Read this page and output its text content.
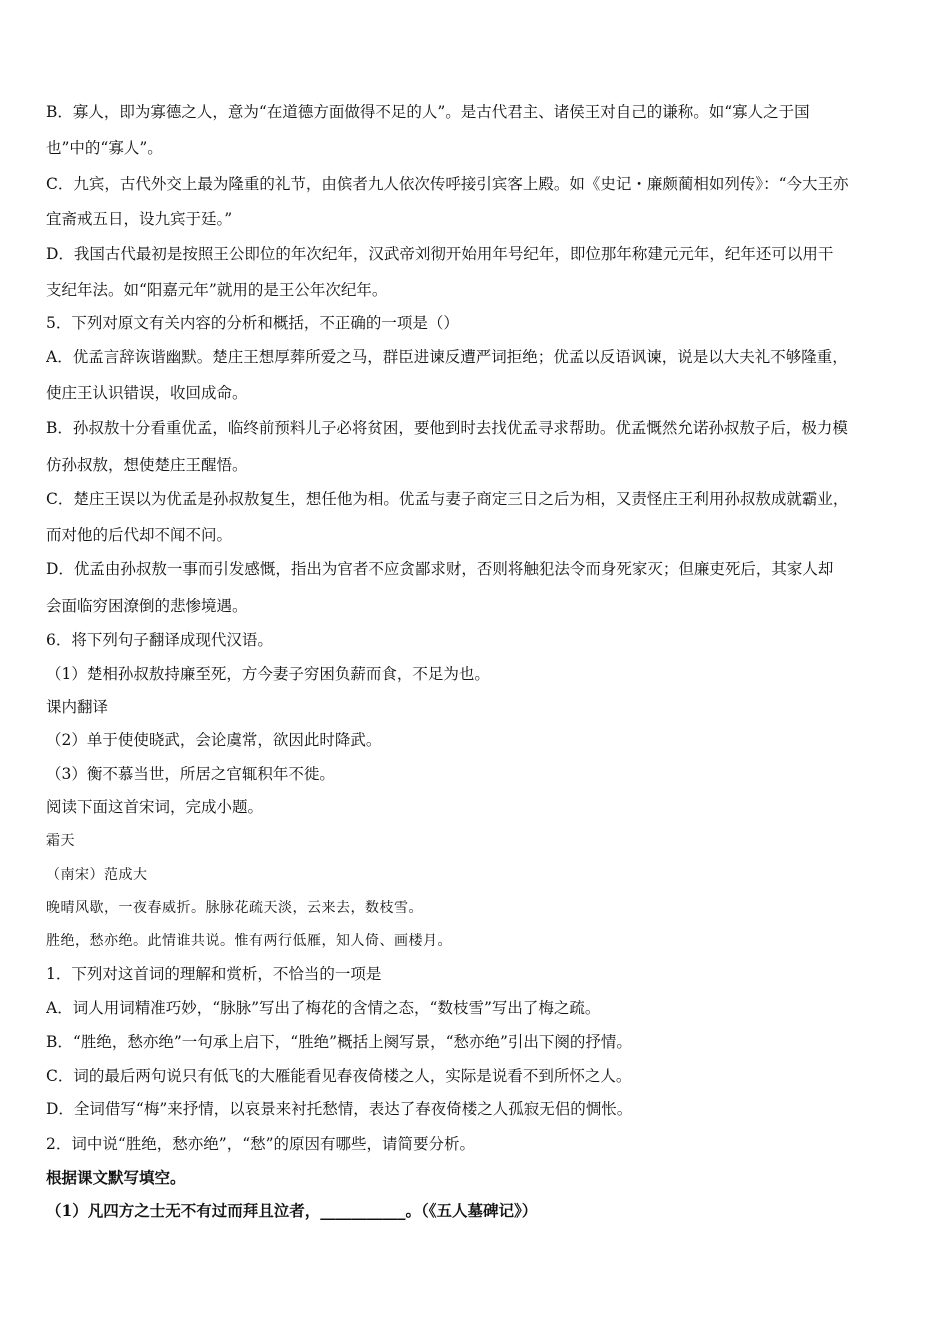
B．寡人，即为寡德之人，意为“在道德方面做得不足的人”。是古代君主、诸侯王对自己的谦称。如“寡人之于国
也”中的“寡人”。
C．九宾，古代外交上最为隆重的礼节，由傧者九人依次传呼接引宾客上殿。如《史记・廉颇蔺相如列传》：“今大王亦
宜斋戒五日，设九宾于廷。”
D．我国古代最初是按照王公即位的年次纪年，汉武帝刘彻开始用年号纪年，即位那年称建元元年，纪年还可以用干
支纪年法。如“阳嘉元年”就用的是王公年次纪年。
5．下列对原文有关内容的分析和概括，不正确的一项是（）
A．优孟言辞诙谐幽默。楚庄王想厚葬所爱之马，群臣进谏反遭严词拒绝；优孟以反语讽谏，说是以大夫礼不够隆重，
使庄王认识错误，收回成命。
B．孙叔敖十分看重优孟，临终前预料儿子必将贫困，要他到时去找优孟寻求帮助。优孟慨然允诺孙叔敖子后，极力模
仿孙叔敖，想使楚庄王醒悟。
C．楚庄王误以为优孟是孙叔敖复生，想任他为相。优孟与妻子商定三日之后为相，又责怪庄王利用孙叔敖成就霸业，
而对他的后代却不闻不问。
D．优孟由孙叔敖一事而引发感慨，指出为官者不应贪鄙求财，否则将触犯法令而身死家灭；但廉吏死后，其家人却
会面临穷困潦倒的悲惨境遇。
6．将下列句子翻译成现代汉语。
（1）楚相孙叔敖持廉至死，方今妻子穷困负薪而食，不足为也。
课内翻译
（2）单于使使晓武，会论虞常，欲因此时降武。
（3）衡不慕当世，所居之官辄积年不徙。
阅读下面这首宋词，完成小题。
霜天
（南宋）范成大
晚晴风歇，一夜春威折。脉脉花疏天淡，云来去，数枝雪。
胜绝，愁亦绝。此情谁共说。惟有两行低雁，知人倚、画楼月。
1．下列对这首词的理解和赏析，不恰当的一项是
A．词人用词精准巧妙，“脉脉”写出了梅花的含情之态，“数枝雪”写出了梅之疏。
B．“胜绝，愁亦绝”一句承上启下，“胜绝”概括上阕写景，“愁亦绝”引出下阕的抒情。
C．词的最后两句说只有低飞的大雁能看见春夜倚楼之人，实际是说看不到所怀之人。
D．全词借写“梅”来抒情，以哀景来衬托愁情，表达了春夜倚楼之人孤寂无侣的惆怅。
2．词中说“胜绝，愁亦绝”，“愁”的原因有哪些，请简要分析。
根据课文默写填空。
（1）凡四方之士无不有过而拜且泣者，___________。（《五人墓碑记》）
